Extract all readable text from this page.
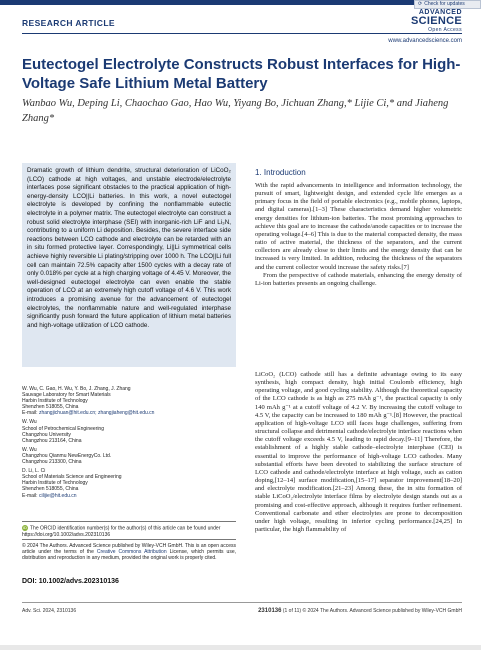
⟳ Check for updates
RESEARCH ARTICLE
ADVANCED
SCIENCE
Open Access
www.advancedscience.com
Eutectogel Electrolyte Constructs Robust Interfaces for High-Voltage Safe Lithium Metal Battery
Wanbao Wu, Deping Li, Chaochao Gao, Hao Wu, Yiyang Bo, Jichuan Zhang,* Lijie Ci,* and Jiaheng Zhang*
Dramatic growth of lithium dendrite, structural deterioration of LiCoO₂ (LCO) cathode at high voltages, and unstable electrode/electrolyte interfaces pose significant obstacles to the practical application of high-energy-density LCO||Li batteries. In this work, a novel eutectogel electrolyte is developed by confining the nonflammable eutectic electrolyte in a polymer matrix. The eutectogel electrolyte can construct a robust solid electrolyte interphase (SEI) with inorganic-rich LiF and Li₃N, contributing to a uniform Li deposition. Besides, the severe interface side reactions between LCO cathode and electrolyte can be retarded with an in situ formed protective layer. Correspondingly, Li||Li symmetrical cells achieve highly reversible Li plating/stripping over 1000 h. The LCO||Li full cell can maintain 72.5% capacity after 1500 cycles with a decay rate of only 0.018% per cycle at a high charging voltage of 4.45 V. Moreover, the well-designed eutectogel electrolyte can even enable the stable operation of LCO at an extremely high cutoff voltage of 4.6 V. This work introduces a promising avenue for the advancement of eutectogel electrolytes, the nonflammable nature and well-regulated interphase significantly push forward the future application of lithium metal batteries and high-voltage utilization of LCO cathode.
W. Wu, C. Gao, H. Wu, Y. Bo, J. Zhang, J. Zhang
Sauvage Laboratory for Smart Materials
Harbin Institute of Technology
Shenzhen 518055, China
E-mail: zhangjichuan@hit.edu.cn; zhangjiaheng@hit.edu.cn
W. Wu
School of Petrochemical Engineering
Changzhou University
Changzhou 213164, China
W. Wu
Changzhou Qianmu NewEnergyCo. Ltd.
Changzhou 213300, China
D. Li, L. Ci
School of Materials Science and Engineering
Harbin Institute of Technology
Shenzhen 518055, China
E-mail: cilijie@hit.edu.cn
iD The ORCID identification number(s) for the author(s) of this article can be found under https://doi.org/10.1002/advs.202310136
© 2024 The Authors. Advanced Science published by Wiley-VCH GmbH. This is an open access article under the terms of the Creative Commons Attribution License, which permits use, distribution and reproduction in any medium, provided the original work is properly cited.
DOI: 10.1002/advs.202310136
1. Introduction

With the rapid advancements in intelligence and information technology, the pursuit of smart, lightweight design, and extended cycle life emerges as a primary focus in the field of portable electronics (e.g., mobile phones, laptops, and digital cameras).[1–3] These characteristics demand higher volumetric energy densities for lithium-ion batteries. The most promising approaches to achieve this goal are to increase the cathode/anode capacities or to increase the operating voltage.[4–6] This is due to the material compacted density, the mass ratio of active material, the thickness of the separators, and the current collectors are already close to their limits and the energy density that can be increased is very limited. In addition, reducing the thickness of the separators and the current collector would increase the safety risks.[7]

From the perspective of cathode materials, enhancing the energy density of Li-ion batteries presents an ongoing challenge.

LiCoO₂ (LCO) cathode still has a definite advantage owing to its easy synthesis, high compact density, high initial Coulomb efficiency, high operating voltage, and good cycling stability. Although the theoretical capacity of the LCO cathode is as high as 275 mAh g⁻¹, the practical capacity is only 140 mAh g⁻¹ at a cutoff voltage of 4.2 V. By increasing the cutoff voltage to 4.5 V, the capacity can be increased to 180 mAh g⁻¹.[8] However, the practical application of high-voltage LCO still faces huge challenges, suffering from structural collapse and detrimental cathode/electrolyte interface reactions when the cutoff voltage exceeds 4.5 V, leading to rapid decay.[9–11] Therefore, the establishment of a highly stable cathode–electrolyte interphase (CEI) is essential to improve the performance of high-voltage LCO cathodes. Many substantial efforts have been devoted to stabilizing the surface structure of LCO cathode and cathode/electrolyte interface at high voltage, such as cation doping,[12–14] surface modification,[15–17] separator improvement[18–20] and electrolyte modification.[21–23] Among these, the in situ formation of stable LiCoO₂/electrolyte interface films by electrolyte design stands out as a promising and cost-effective approach, although it requires further refinement. Conventional carbonate and ether electrolytes are prone to decomposition under high voltage, resulting in inferior cycling performance.[24,25] In particular, the high flammability of

Adv. Sci. 2024, 2310136	2310136 (1 of 11) © 2024 The Authors. Advanced Science published by Wiley-VCH GmbH
